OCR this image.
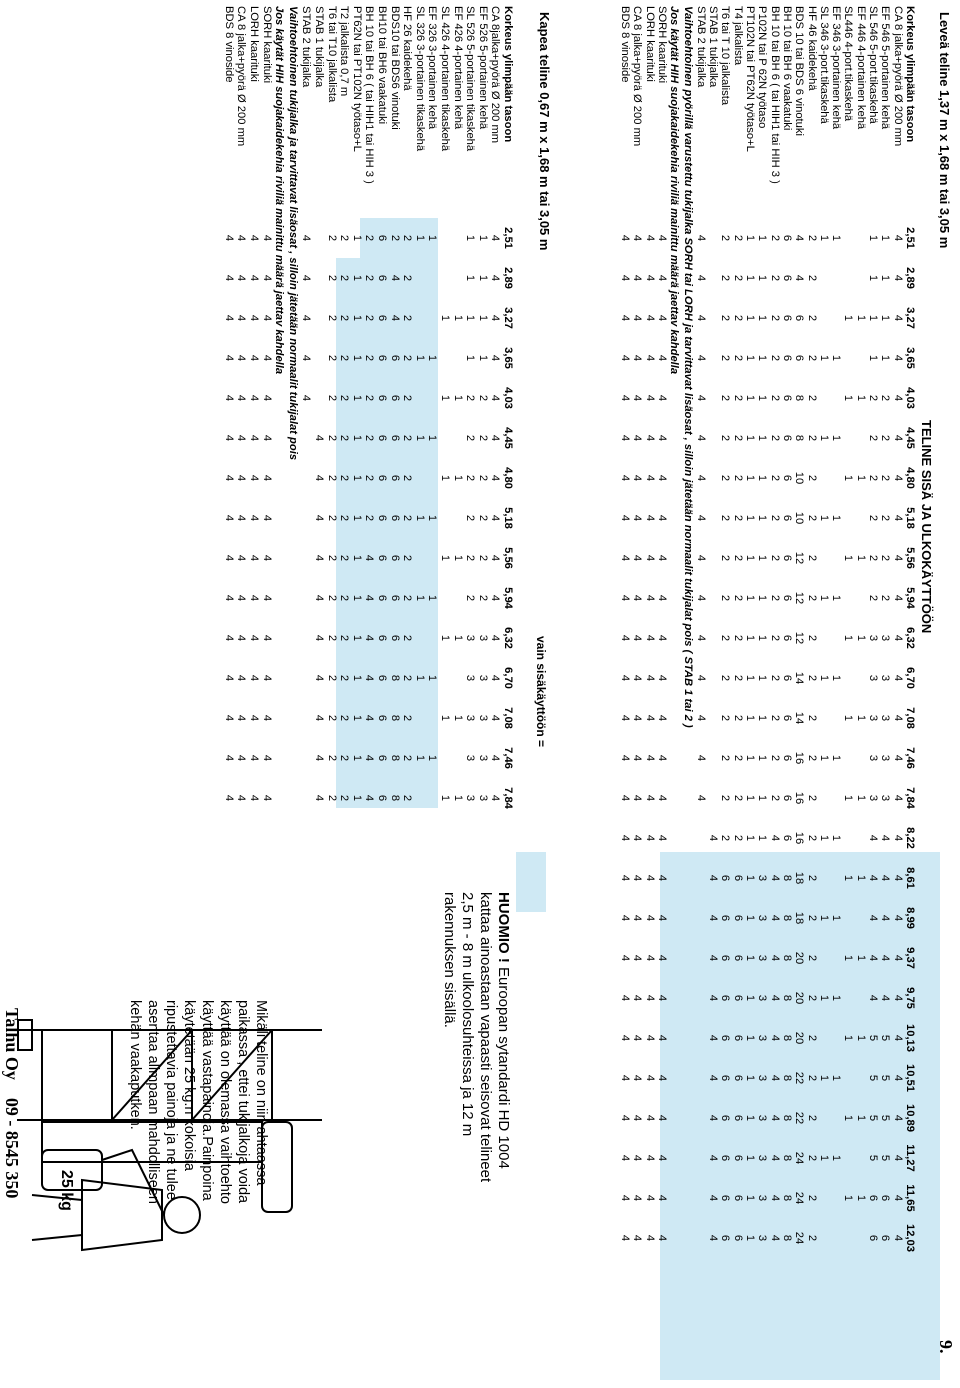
Leveä teline 1,37 m x 1,68 m tai 3,05 m
TELINE SISÄ JA ULKOKÄYTTÖÖN
Korkeus ylimpään tasoon
2,51
2,89
3,27
3,65
4,03
4,45
4,80
5,18
5,56
5,94
6,32
6,70
7,08
7,46
7,84
8,22
8,61
8,99
9,37
9,75
10,13
10,51
10,89
11,27
11,65
12,03
CA 8 jalka+pyörä Ø 200 mm
4
4
4
4
4
4
4
4
4
4
4
4
4
4
4
4
4
4
4
4
4
4
4
4
4
4
EF 546 5-portainen kehä
1
1
1
1
2
2
2
2
2
2
3
3
3
3
3
4
4
4
4
4
5
5
5
5
6
6
SL 546 5-port.tikaskehä
1
1
1
1
2
2
2
2
2
2
3
3
3
3
3
4
4
4
4
4
5
5
5
5
6
6
EF 446 4-portainen kehä
1
1
1
1
1
1
1
1
1
1
1
1
SL446 4-port.tikaskehä
1
1
1
1
1
1
1
1
1
1
1
1
EF 346 3-portainen kehä
1
1
1
1
1
1
1
1
1
1
1
1
SL 346 3-port.tikaskehä
1
1
1
1
1
1
1
1
1
1
1
1
HF 46 kaidekehä
2
2
2
2
2
2
2
2
2
2
2
2
2
2
2
2
2
2
2
2
2
2
2
2
2
2
BDS 10 tai BDS 6 vinotuki
4
4
6
6
8
8
10
10
12
12
12
14
14
16
16
16
18
18
20
20
20
22
22
24
24
24
BH 10 tai BH 6 vaakatuki
6
6
6
6
6
6
6
6
6
6
6
6
6
6
6
6
8
8
8
8
8
8
8
8
8
8
BH 10 tai BH 6 ( tai HIH1 tai HIH 3 )
2
2
2
2
2
2
2
2
2
2
2
2
2
2
2
4
4
4
4
4
4
4
4
4
4
4
P102N tai P 62N työtaso
1
1
1
1
1
1
1
1
1
1
1
1
1
1
1
1
3
3
3
3
3
3
3
3
3
3
PT102N tai PT62N työtaso+L
1
1
1
1
1
1
1
1
1
1
1
1
1
1
1
1
1
1
1
1
1
1
1
1
1
1
T4 jalkalista
2
2
2
2
2
2
2
2
2
2
2
2
2
2
2
2
6
6
6
6
6
6
6
6
6
6
T6 tai T 10 jalkalista
2
2
2
2
2
2
2
2
2
2
2
2
2
2
2
2
6
6
6
6
6
6
6
6
6
6
STAB 1 tukijalka
4
4
4
4
4
4
4
4
4
4
4
STAB 2 tukijalka
4
4
4
4
4
4
4
4
4
4
4
4
4
4
4
Vaihtoehtoinen pyörillä varustettu tukijalka SORH tai LORH ja tarvittavat lisäosat , silloin jätetään normaalit tukijalat pois ( STAB 1 tai 2 )
Jos käytät HIH suojakaidekehia riviliä mainittu määrä jaettav kahdella
SORH kaarituki
4
4
4
4
4
4
4
4
4
4
4
4
4
4
4
4
4
4
4
4
4
4
4
4
4
4
LORH kaarituki
4
4
4
4
4
4
4
4
4
4
4
4
4
4
4
4
4
4
4
4
4
4
4
4
4
4
CA 8 jalka+pyörä Ø 200 mm
4
4
4
4
4
4
4
4
4
4
4
4
4
4
4
4
4
4
4
4
4
4
4
4
4
4
BDS 8 vinoside
4
4
4
4
4
4
4
4
4
4
4
4
4
4
4
4
4
4
4
4
4
4
4
4
4
4
Kapea teline 0,67 m x 1,68 m tai 3,05 m
vain sisäkäyttöön =
Korkeus ylimpään tasoon
2,51
2,89
3,27
3,65
4,03
4,45
4,80
5,18
5,56
5,94
6,32
6,70
7,08
7,46
7,84
CA 8jalka+pyörä Ø 200 mm
4
4
4
4
4
4
4
4
4
4
4
4
4
4
4
EF 526 5-portainen kehä
1
1
1
1
2
2
2
2
2
2
3
3
3
3
3
SL 526 5-portainen tikaskehä
1
1
1
1
2
2
2
2
2
2
3
3
3
3
3
EF 426 4-portainen kehä
1
1
1
1
1
1
1
SL 426 4-portainen tikaskehä
1
1
1
1
1
1
1
EF 326 3-portainen kehä
1
1
1
1
1
1
1
SL 326 3-portainen tikaskehä
1
1
1
1
1
1
1
HF 26 kaidekehä
2
2
2
2
2
2
2
2
2
2
2
2
2
2
2
BDS10 tai BDS6 vinotuki
2
4
4
6
6
6
6
6
6
6
6
8
8
8
8
BH10 tai BH6 vaakatuki
6
6
6
6
6
6
6
6
6
6
6
6
6
6
6
BH 10 tai BH 6 ( tai HIH1 tai HIH 3 )
2
2
2
2
2
2
2
2
4
4
4
4
4
4
4
PT62N tai PT102N työtaso+L
1
1
1
1
1
1
1
1
1
1
1
1
1
1
1
T2 jalkalista 0,7 m
2
2
2
2
2
2
2
2
2
2
2
2
2
2
2
T6 tai T10 jalkalista
2
2
2
2
2
2
2
2
2
2
2
2
2
2
2
STAB 1 tukijalka
4
4
4
4
4
4
4
4
4
4
STAB 2 tukijalka
4
4
4
4
4
Vaihtoehtoinen tukijalka ja tarvittavat lisäosat , silloin jätetään normaalit tukijalat pois
Jos käytät HIH suojakaidekehia riviliä mainittu määrä jaettav kahdella
SORH kaarituki
4
4
4
4
4
4
4
4
4
4
4
4
4
4
4
LORH kaarituki
4
4
4
4
4
4
4
4
4
4
4
4
4
4
4
CA 8 jalka+pyörä Ø 200 mm
4
4
4
4
4
4
4
4
4
4
4
4
4
4
4
BDS 8 vinoside
4
4
4
4
4
4
4
4
4
4
4
4
4
4
4
HUOMIO ! Euroopan sytandardi HD 1004 kattaa ainoastaan vapaasti seisovat telineet 2,5 m - 8 m ulkoolosuhteissa ja 12 m rakennuksen sisällä.
25 kg
Mikäli teline on niin ahtaassa paikassa , ettei tukijalkoja voida käyttää on olemassa vaihtoehto käyttää vastapainoja.Painpoina käytetään 25 kg:n kokoisia ripustettavia painoja ja ne tulee asentaa alimpaan mahdolliseen kehän vaakaputken.
9.
Talhu Oy    09 - 8545 350
